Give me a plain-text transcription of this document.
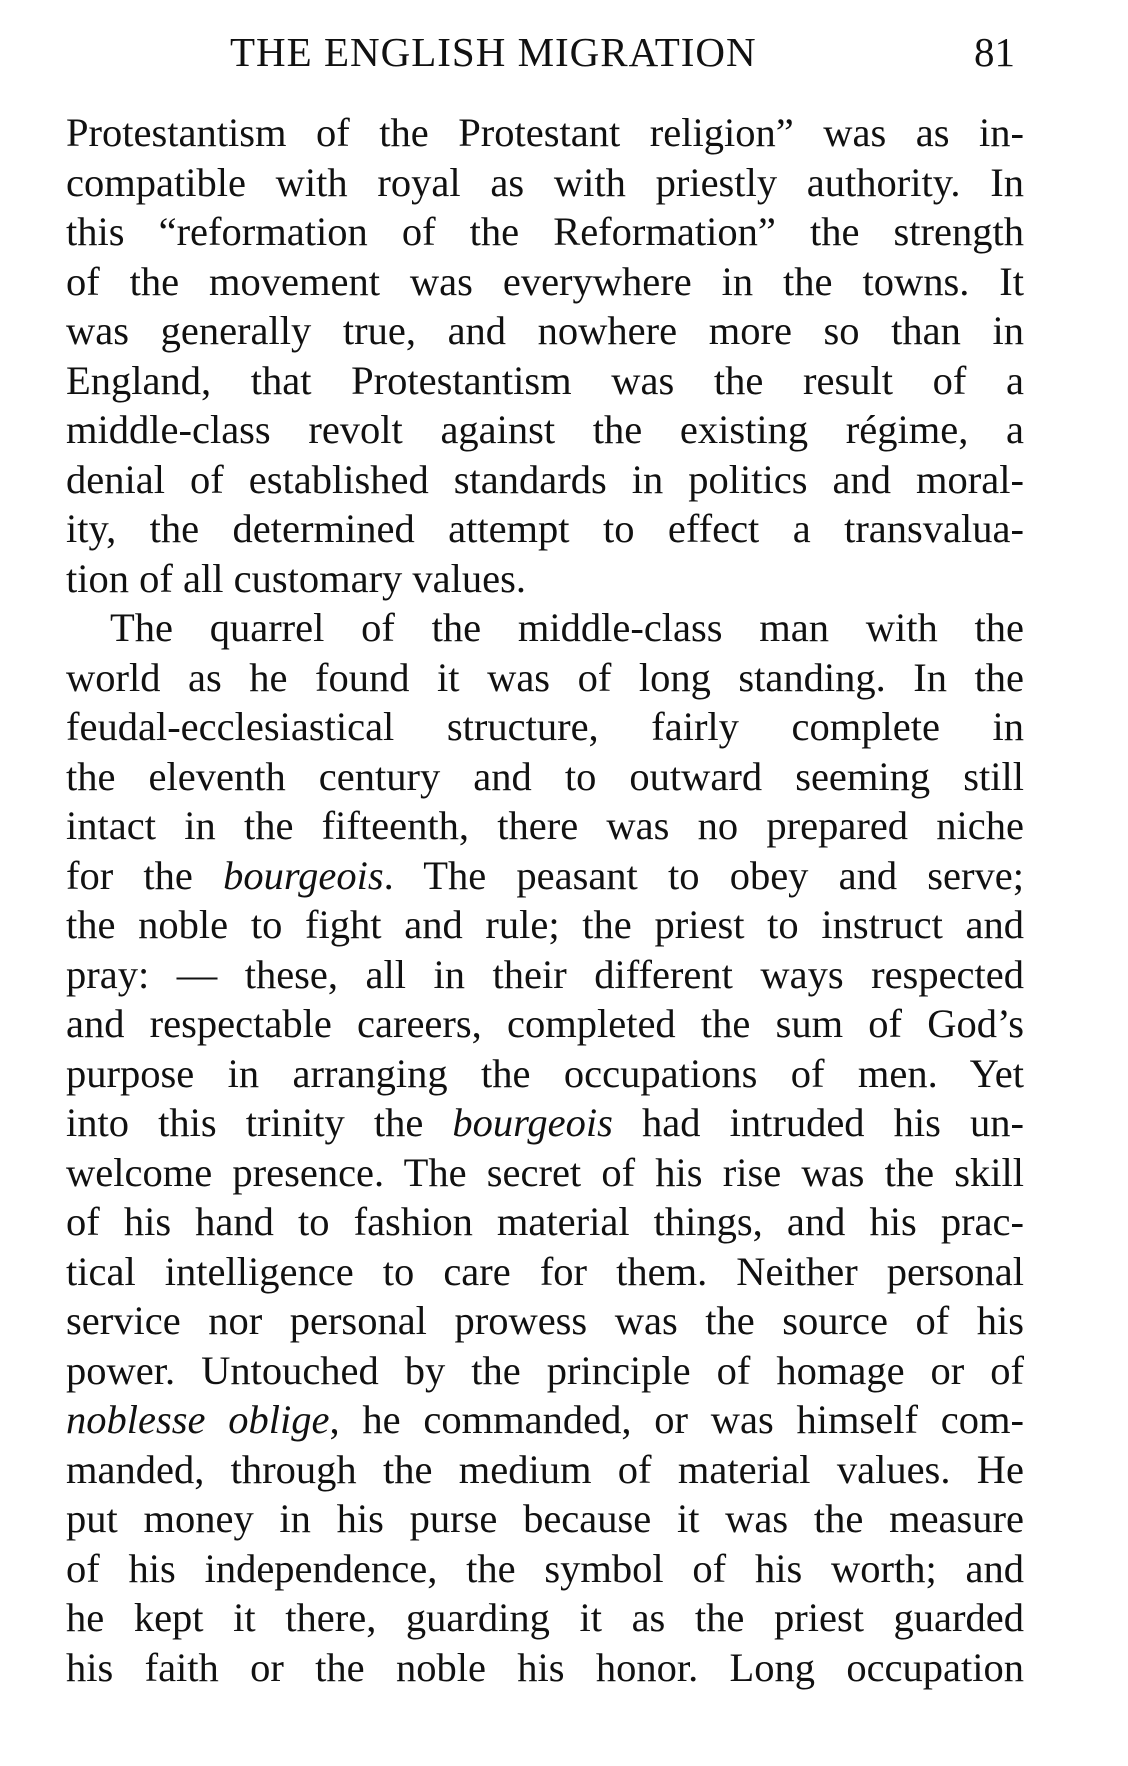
THE ENGLISH MIGRATION	81
Protestantism of the Protestant religion” was as in-
compatible with royal as with priestly authority. In
this “reformation of the Reformation” the strength
of the movement was everywhere in the towns. It
was generally true, and nowhere more so than in
England, that Protestantism was the result of a
middle-class revolt against the existing régime, a
denial of established standards in politics and moral-
ity, the determined attempt to effect a transvalua-
tion of all customary values.
The quarrel of the middle-class man with the
world as he found it was of long standing. In the
feudal-ecclesiastical structure, fairly complete in
the eleventh century and to outward seeming still
intact in the fifteenth, there was no prepared niche
for the bourgeois. The peasant to obey and serve;
the noble to fight and rule; the priest to instruct and
pray: — these, all in their different ways respected
and respectable careers, completed the sum of God’s
purpose in arranging the occupations of men. Yet
into this trinity the bourgeois had intruded his un-
welcome presence. The secret of his rise was the skill
of his hand to fashion material things, and his prac-
tical intelligence to care for them. Neither personal
service nor personal prowess was the source of his
power. Untouched by the principle of homage or of
noblesse oblige, he commanded, or was himself com-
manded, through the medium of material values. He
put money in his purse because it was the measure
of his independence, the symbol of his worth; and
he kept it there, guarding it as the priest guarded
his faith or the noble his honor. Long occupation
